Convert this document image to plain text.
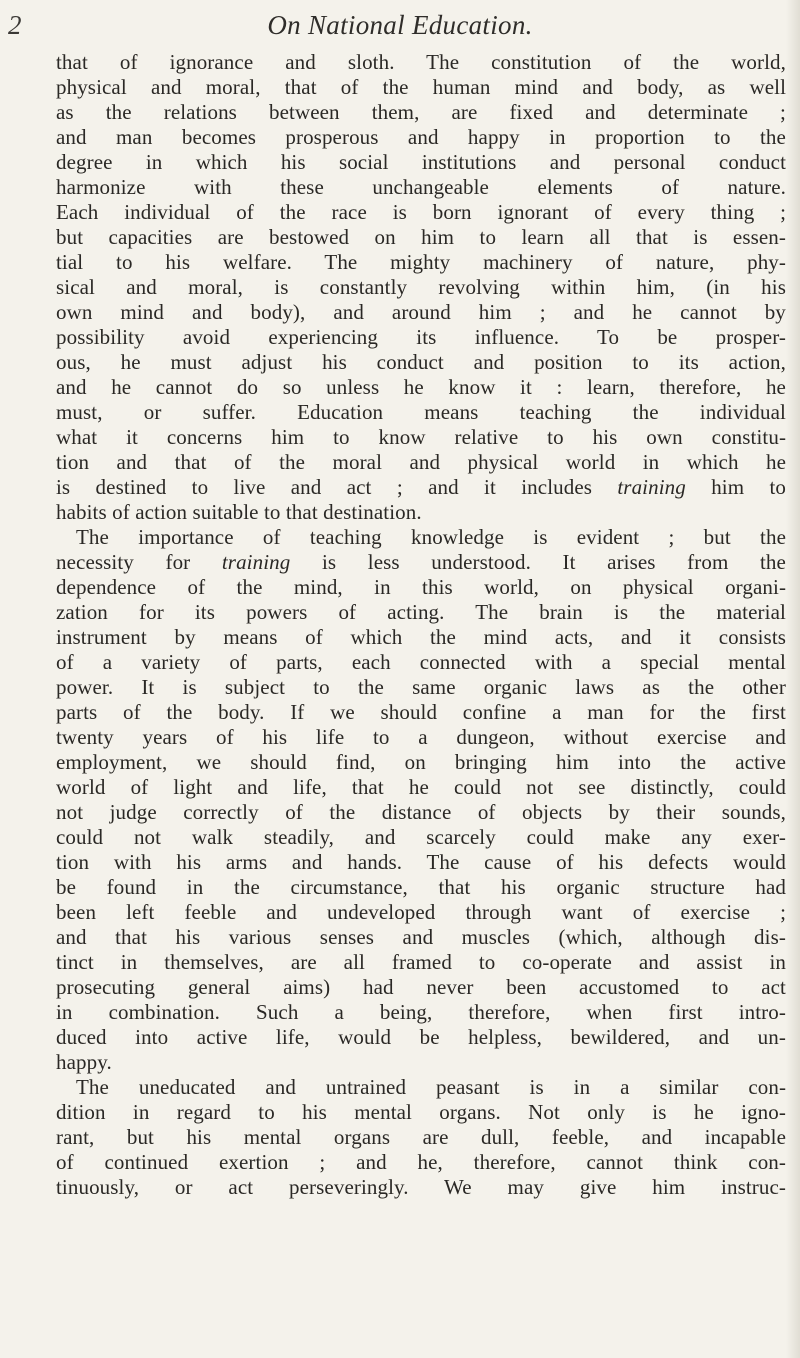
2	On National Education.
that of ignorance and sloth. The constitution of the world,
physical and moral, that of the human mind and body, as well
as the relations between them, are fixed and determinate ;
and man becomes prosperous and happy in proportion to the
degree in which his social institutions and personal conduct
harmonize with these unchangeable elements of nature.
Each individual of the race is born ignorant of every thing ;
but capacities are bestowed on him to learn all that is essen-
tial to his welfare. The mighty machinery of nature, phy-
sical and moral, is constantly revolving within him, (in his
own mind and body), and around him ; and he cannot by
possibility avoid experiencing its influence. To be prosper-
ous, he must adjust his conduct and position to its action,
and he cannot do so unless he know it : learn, therefore, he
must, or suffer. Education means teaching the individual
what it concerns him to know relative to his own constitu-
tion and that of the moral and physical world in which he
is destined to live and act ; and it includes training him to
habits of action suitable to that destination.
The importance of teaching knowledge is evident ; but the
necessity for training is less understood. It arises from the
dependence of the mind, in this world, on physical organi-
zation for its powers of acting. The brain is the material
instrument by means of which the mind acts, and it consists
of a variety of parts, each connected with a special mental
power. It is subject to the same organic laws as the other
parts of the body. If we should confine a man for the first
twenty years of his life to a dungeon, without exercise and
employment, we should find, on bringing him into the active
world of light and life, that he could not see distinctly, could
not judge correctly of the distance of objects by their sounds,
could not walk steadily, and scarcely could make any exer-
tion with his arms and hands. The cause of his defects would
be found in the circumstance, that his organic structure had
been left feeble and undeveloped through want of exercise ;
and that his various senses and muscles (which, although dis-
tinct in themselves, are all framed to co-operate and assist in
prosecuting general aims) had never been accustomed to act
in combination. Such a being, therefore, when first intro-
duced into active life, would be helpless, bewildered, and un-
happy.
The uneducated and untrained peasant is in a similar con-
dition in regard to his mental organs. Not only is he igno-
rant, but his mental organs are dull, feeble, and incapable
of continued exertion ; and he, therefore, cannot think con-
tinuously, or act perseveringly. We may give him instruc-
